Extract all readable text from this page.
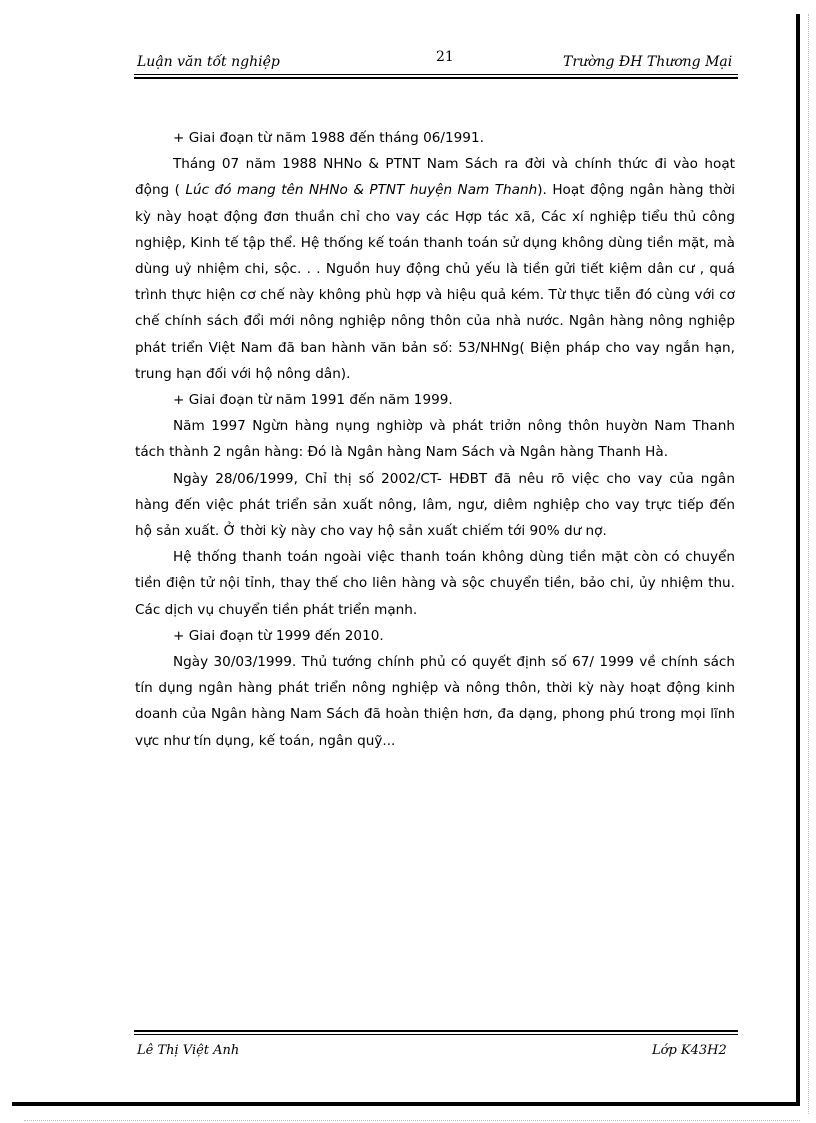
Luận văn tốt nghiệp	21	Trường ĐH Thương Mại

+ Giai đoạn từ năm 1988 đến tháng 06/1991.

Tháng 07 năm 1988 NHNo & PTNT Nam Sách ra đời và chính thức đi vào hoạt động ( Lúc đó mang tên NHNo & PTNT huyện Nam Thanh). Hoạt động ngân hàng thời kỳ này hoạt động đơn thuần chỉ cho vay các Hợp tác xã, Các xí nghiệp tiểu thủ công nghiệp, Kinh tế tập thể. Hệ thống kế toán thanh toán sử dụng không dùng tiền mặt, mà dùng uỷ nhiệm chi, sộc. . . Nguồn huy động chủ yếu là tiền gửi tiết kiệm dân cư , quá trình thực hiện cơ chế này không phù hợp và hiệu quả kém. Từ thực tiễn đó cùng với cơ chế chính sách đổi mới nông nghiệp nông thôn của nhà nước. Ngân hàng nông nghiệp phát triển Việt Nam đã ban hành văn bản số: 53/NHNg( Biện pháp cho vay ngắn hạn, trung hạn đối với hộ nông dân).

+ Giai đoạn từ năm 1991 đến năm 1999.

Năm 1997 Ngừn hàng nụng nghiờp và phát triởn nông thôn huyờn Nam Thanh tách thành 2 ngân hàng: Đó là Ngân hàng Nam Sách và Ngân hàng Thanh Hà.

Ngày 28/06/1999, Chỉ thị số 2002/CT- HĐBT đã nêu rõ việc cho vay của ngân hàng đến việc phát triển sản xuất nông, lâm, ngư, diêm nghiệp cho vay trực tiếp đến hộ sản xuất. Ở thời kỳ này cho vay hộ sản xuất chiếm tới 90% dư nợ.

Hệ thống thanh toán ngoài việc thanh toán không dùng tiền mặt còn có chuyển tiền điện tử nội tỉnh, thay thế cho liên hàng và sộc chuyển tiền, bảo chi, ủy nhiệm thu. Các dịch vụ chuyển tiền phát triển mạnh.

+ Giai đoạn từ 1999 đến 2010.

Ngày 30/03/1999. Thủ tướng chính phủ có quyết định số 67/ 1999 về chính sách tín dụng ngân hàng phát triển nông nghiệp và nông thôn, thời kỳ này hoạt động kinh doanh của Ngân hàng Nam Sách đã hoàn thiện hơn, đa dạng, phong phú trong mọi lĩnh vực như tín dụng, kế toán, ngân quỹ...

Lê Thị Việt Anh	Lớp K43H2
